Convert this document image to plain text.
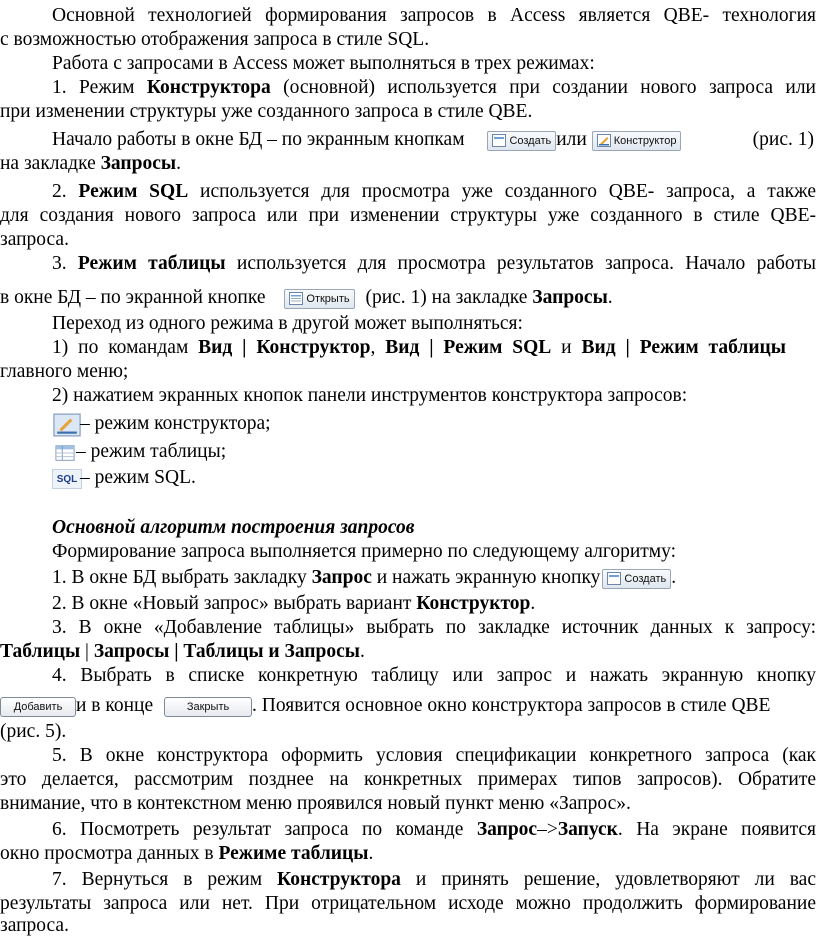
Основной технологией формирования запросов в Access является QBE- технология
с возможностью отображения запроса в стиле SQL.
Работа с запросами в Access может выполняться в трех режимах:
1. Режим Конструктора (основной) используется при создании нового запроса или
при изменении структуры уже созданного запроса в стиле QBE.
Начало работы в окне БД – по экранным кнопкам	Создать или Конструктор	(рис. 1)
на закладке Запросы.
2. Режим SQL используется для просмотра уже созданного QBE- запроса, а также
для создания нового запроса или при изменении структуры уже созданного в стиле QBE-
запроса.
3. Режим таблицы используется для просмотра результатов запроса. Начало работы
в окне БД – по экранной кнопке	Открыть (рис. 1) на закладке Запросы.
Переход из одного режима в другой может выполняться:
1) по командам Вид | Конструктор, Вид | Режим SQL и Вид | Режим таблицы
главного меню;
2) нажатием экранных кнопок панели инструментов конструктора запросов:
– режим конструктора;
– режим таблицы;
SQL – режим SQL.
Основной алгоритм построения запросов
Формирование запроса выполняется примерно по следующему алгоритму:
1. В окне БД выбрать закладку Запрос и нажать экранную кнопку Создать .
2. В окне «Новый запрос» выбрать вариант Конструктор.
3. В окне «Добавление таблицы» выбрать по закладке источник данных к запросу:
Таблицы | Запросы | Таблицы и Запросы.
4. Выбрать в списке конкретную таблицу или запрос и нажать экранную кнопку
Добавить и в конце	Закрыть . Появится основное окно конструктора запросов в стиле QBE
(рис. 5).
5. В окне конструктора оформить условия спецификации конкретного запроса (как
это делается, рассмотрим позднее на конкретных примерах типов запросов). Обратите
внимание, что в контекстном меню проявился новый пункт меню «Запрос».
6. Посмотреть результат запроса по команде Запрос–>Запуск. На экране появится
окно просмотра данных в Режиме таблицы.
7. Вернуться в режим Конструктора и принять решение, удовлетворяют ли вас
результаты запроса или нет. При отрицательном исходе можно продолжить формирование
запроса.
